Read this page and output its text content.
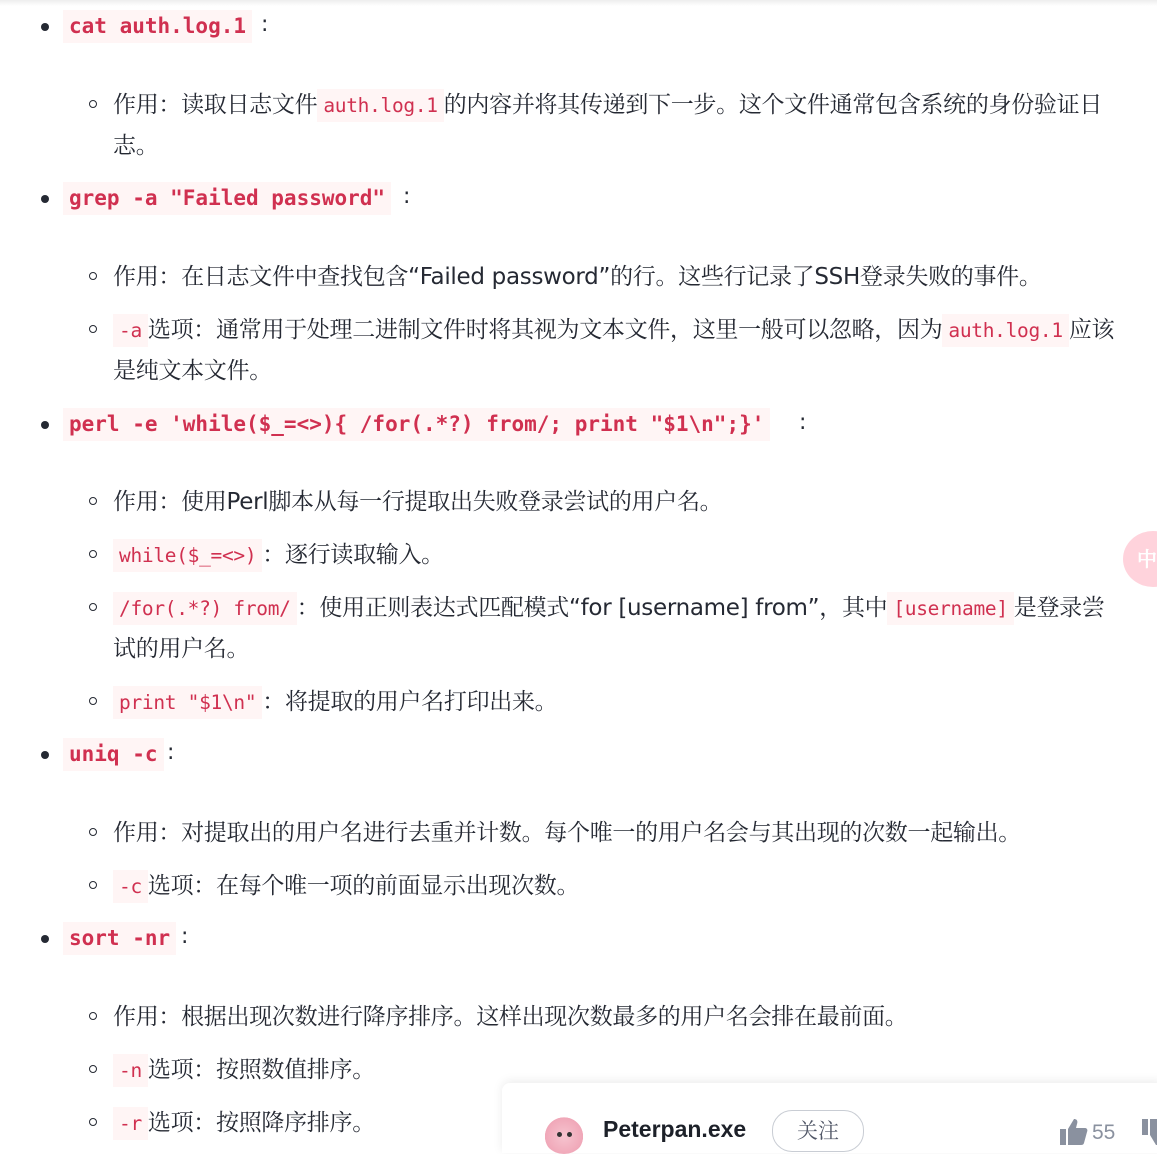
cat auth.log.1 :
作用：读取日志文件 auth.log.1 的内容并将其传递到下一步。这个文件通常包含系统的身份验证日志。
grep -a "Failed password" :
作用：在日志文件中查找包含“Failed password”的行。这些行记录了SSH登录失败的事件。
-a 选项：通常用于处理二进制文件时将其视为文本文件，这里一般可以忽略，因为 auth.log.1 应该是纯文本文件。
perl -e 'while($_=<>){ /for(.*?) from/; print "$1\n";}' :
作用：使用Perl脚本从每一行提取出失败登录尝试的用户名。
while($_=<>) ：逐行读取输入。
/for(.*?) from/ ：使用正则表达式匹配模式“for [username] from”，其中 [username] 是登录尝试的用户名。
print "$1\n" ：将提取的用户名打印出来。
uniq -c :
作用：对提取出的用户名进行去重并计数。每个唯一的用户名会与其出现的次数一起输出。
-c 选项：在每个唯一项的前面显示出现次数。
sort -nr :
作用：根据出现次数进行降序排序。这样出现次数最多的用户名会排在最前面。
-n 选项：按照数值排序。
-r 选项：按照降序排序。
中
Peterpan.exe	关注	55
